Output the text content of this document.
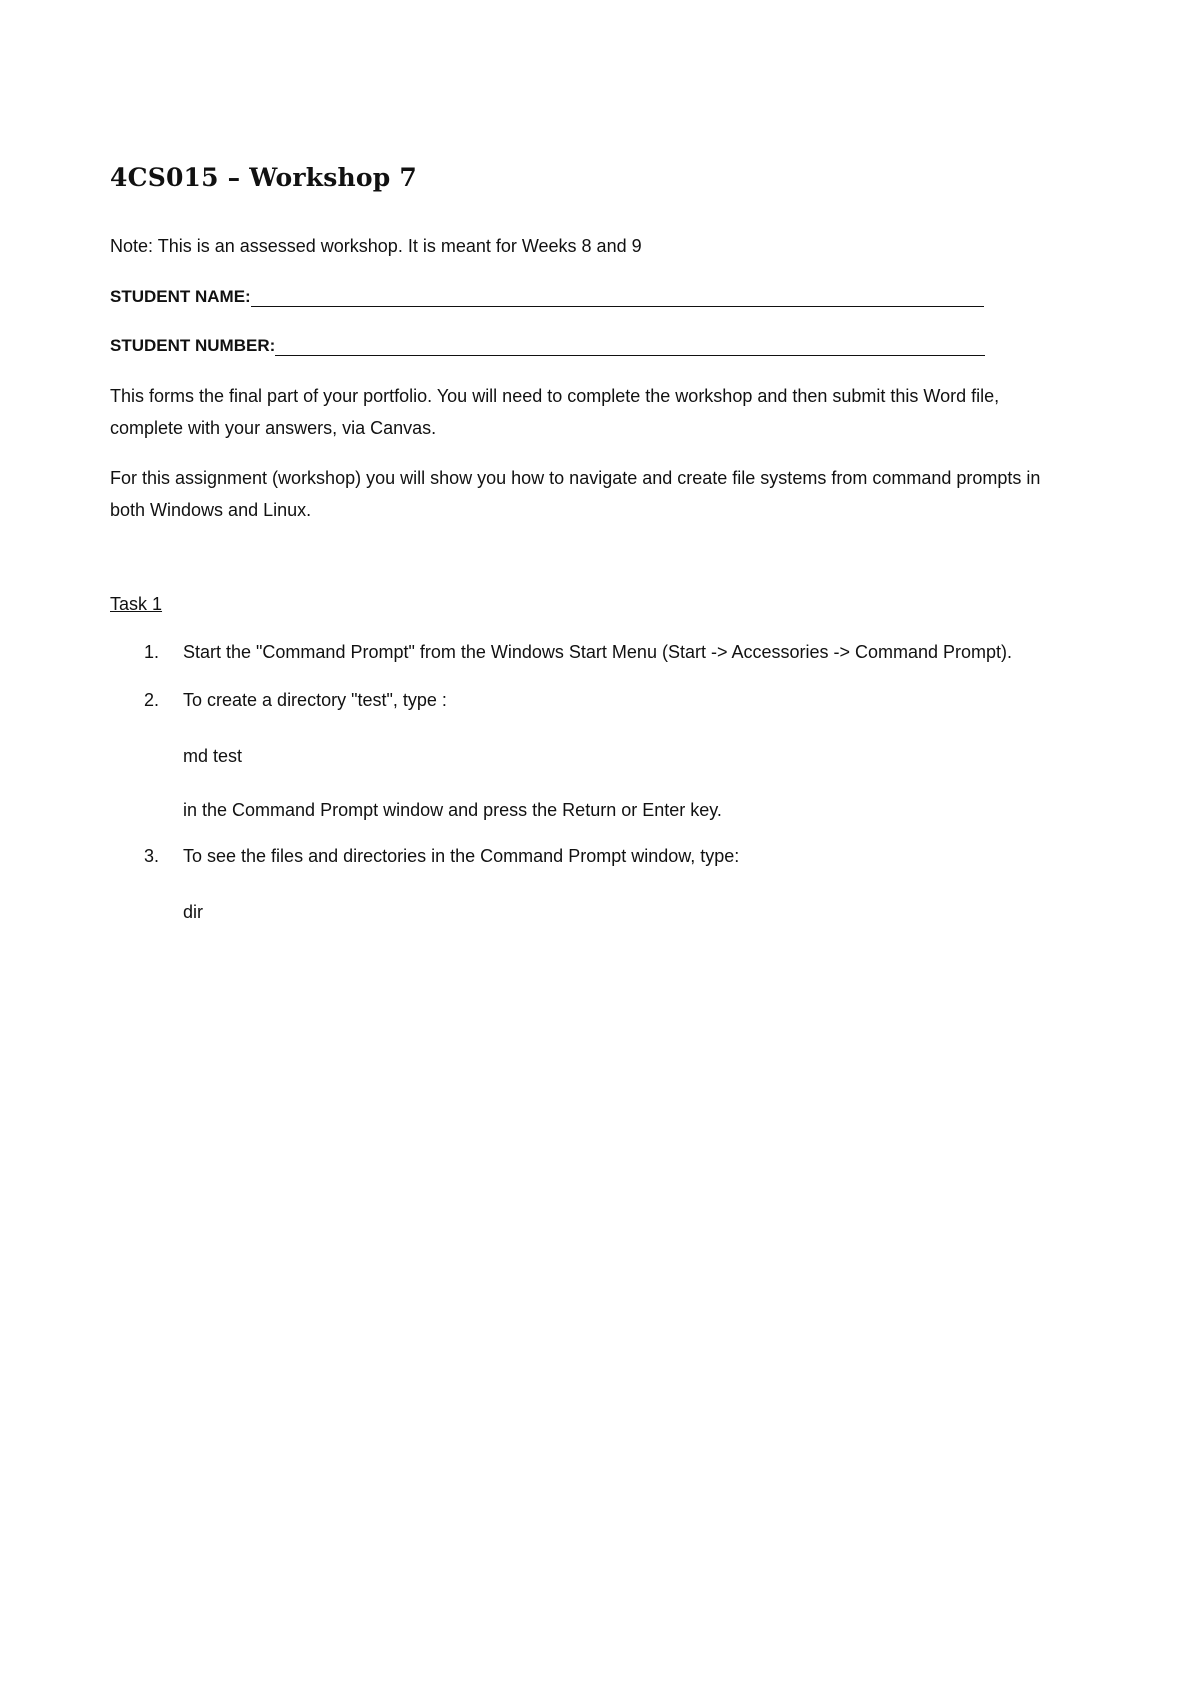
4CS015 – Workshop 7

Note: This is an assessed workshop. It is meant for Weeks 8 and 9

STUDENT NAME:
STUDENT NUMBER:

This forms the final part of your portfolio. You will need to complete the workshop and then submit this Word file, complete with your answers, via Canvas.

For this assignment (workshop) you will show you how to navigate and create file systems from command prompts in both Windows and Linux.

Task 1
1.	Start the "Command Prompt" from the Windows Start Menu (Start -> Accessories -> Command Prompt).

2.	To create a directory "test", type :

md test

in the Command Prompt window and press the Return or Enter key.

3.	To see the files and directories in the Command Prompt window, type:

dir
